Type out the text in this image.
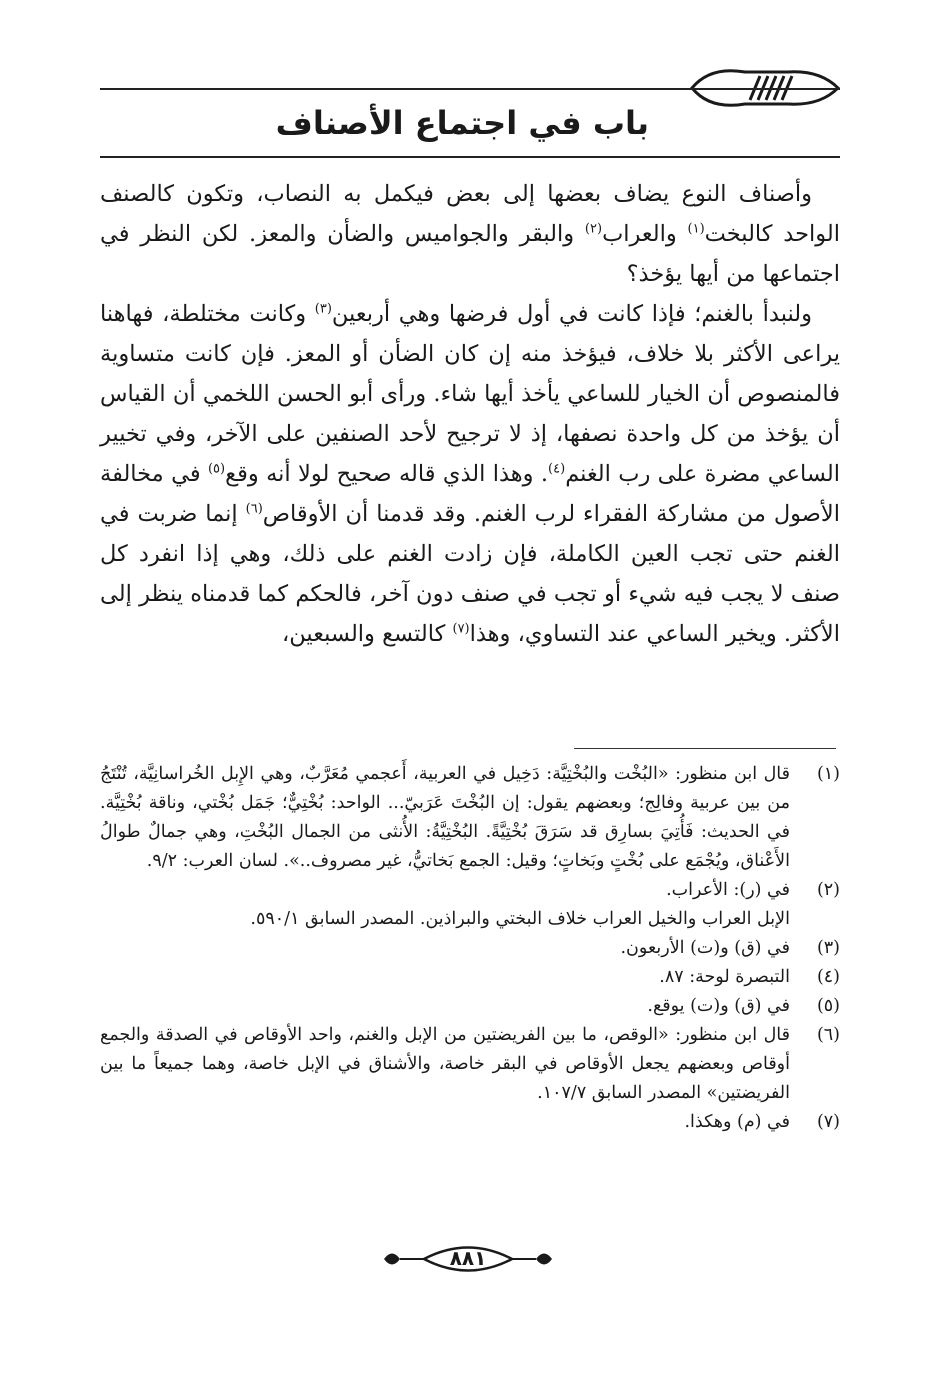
باب في اجتماع الأصناف

وأصناف النوع يضاف بعضها إلى بعض فيكمل به النصاب، وتكون كالصنف الواحد كالبخت$^{(١)}$ والعراب$^{(٢)}$ والبقر والجواميس والضأن والمعز. لكن النظر في اجتماعها من أيها يؤخذ؟

ولنبدأ بالغنم؛ فإذا كانت في أول فرضها وهي أربعين$^{(٣)}$ وكانت مختلطة، فهاهنا يراعى الأكثر بلا خلاف، فيؤخذ منه إن كان الضأن أو المعز. فإن كانت متساوية فالمنصوص أن الخيار للساعي يأخذ أيها شاء. ورأى أبو الحسن اللخمي أن القياس أن يؤخذ من كل واحدة نصفها، إذ لا ترجيح لأحد الصنفين على الآخر، وفي تخيير الساعي مضرة على رب الغنم$^{(٤)}$. وهذا الذي قاله صحيح لولا أنه وقع$^{(٥)}$ في مخالفة الأصول من مشاركة الفقراء لرب الغنم. وقد قدمنا أن الأوقاص$^{(٦)}$ إنما ضربت في الغنم حتى تجب العين الكاملة، فإن زادت الغنم على ذلك، وهي إذا انفرد كل صنف لا يجب فيه شيء أو تجب في صنف دون آخر، فالحكم كما قدمناه ينظر إلى الأكثر. ويخير الساعي عند التساوي، وهذا$^{(٧)}$ كالتسع والسبعين،

(١)
قال ابن منظور: «البُخْت والبُخْتِيَّة: دَخِيل في العربية، أَعجمي مُعَرَّبٌ، وهي الإِبل الخُراسانِيَّة، تُنْتَجُ من بين عربية وفالِج؛ وبعضهم يقول: إن البُخْتَ عَرَبيّ... الواحد: بُخْتِيٌّ؛ جَمَل بُخْتي، وناقة بُخْتِيَّة. في الحديث: فَأُتِيَ بسارِق قد سَرَقَ بُخْتِيَّةً. البُخْتِيَّةُ: الأُنثى من الجمال البُخْتِ، وهي جمالٌ طوالُ الأَعْناق، ويُجْمَع على بُخْتٍ وبَخاتٍ؛ وقيل: الجمع بَخاتيُّ، غير مصروف..». لسان العرب: ٩/٢.
(٢)
في (ر): الأعراب.
الإبل العراب والخيل العراب خلاف البختي والبراذين. المصدر السابق ٥٩٠/١.
(٣)
في (ق) و(ت) الأربعون.
(٤)
التبصرة لوحة: ٨٧.
(٥)
في (ق) و(ت) يوقع.
(٦)
قال ابن منظور: «الوقص، ما بين الفريضتين من الإبل والغنم، واحد الأوقاص في الصدقة والجمع أوقاص وبعضهم يجعل الأوقاص في البقر خاصة، والأشناق في الإبل خاصة، وهما جميعاً ما بين الفريضتين» المصدر السابق ١٠٧/٧.
(٧)
في (م) وهكذا.
٨٨١
